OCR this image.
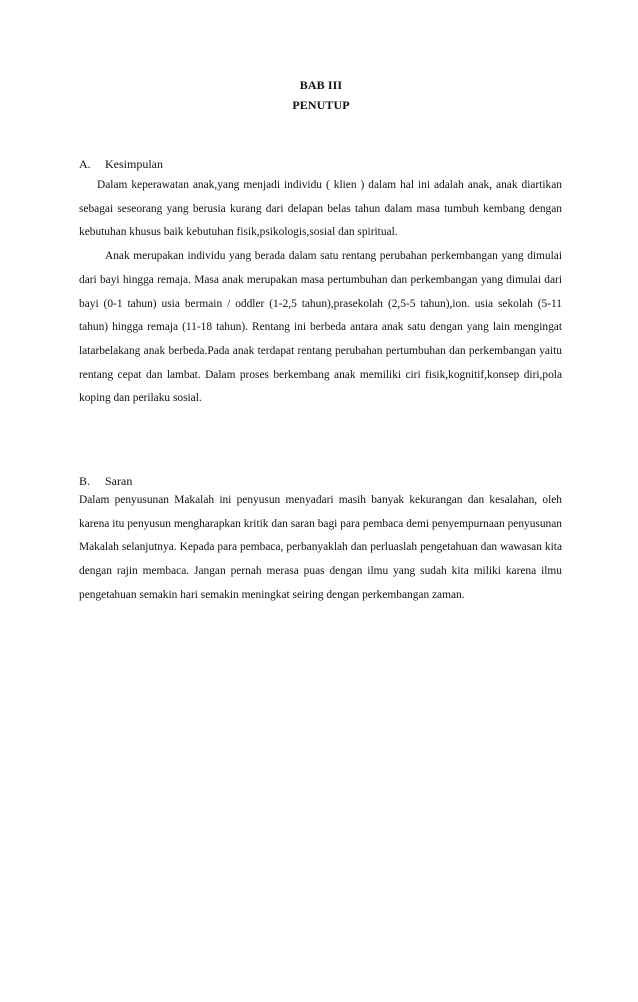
BAB III
PENUTUP
A. Kesimpulan

Dalam keperawatan anak,yang menjadi individu ( klien ) dalam hal ini adalah anak, anak diartikan sebagai seseorang yang berusia kurang dari delapan belas tahun dalam masa tumbuh kembang dengan kebutuhan khusus baik kebutuhan fisik,psikologis,sosial dan spiritual.

Anak merupakan individu yang berada dalam satu rentang perubahan perkembangan yang dimulai dari bayi hingga remaja. Masa anak merupakan masa pertumbuhan dan perkembangan yang dimulai dari bayi (0-1 tahun) usia bermain / oddler (1-2,5 tahun),prasekolah (2,5-5 tahun),ion. usia sekolah (5-11 tahun) hingga remaja (11-18 tahun). Rentang ini berbeda antara anak satu dengan yang lain mengingat latarbelakang anak berbeda.Pada anak terdapat rentang perubahan pertumbuhan dan perkembangan yaitu rentang cepat dan lambat. Dalam proses berkembang anak memiliki ciri fisik,kognitif,konsep diri,pola koping dan perilaku sosial.

B. Saran

Dalam penyusunan Makalah ini penyusun menyadari masih banyak kekurangan dan kesalahan, oleh karena itu penyusun mengharapkan kritik dan saran bagi para pembaca demi penyempurnaan penyusunan Makalah selanjutnya. Kepada para pembaca, perbanyaklah dan perluaslah pengetahuan dan wawasan kita dengan rajin membaca. Jangan pernah merasa puas dengan ilmu yang sudah kita miliki karena ilmu pengetahuan semakin hari semakin meningkat seiring dengan perkembangan zaman.
